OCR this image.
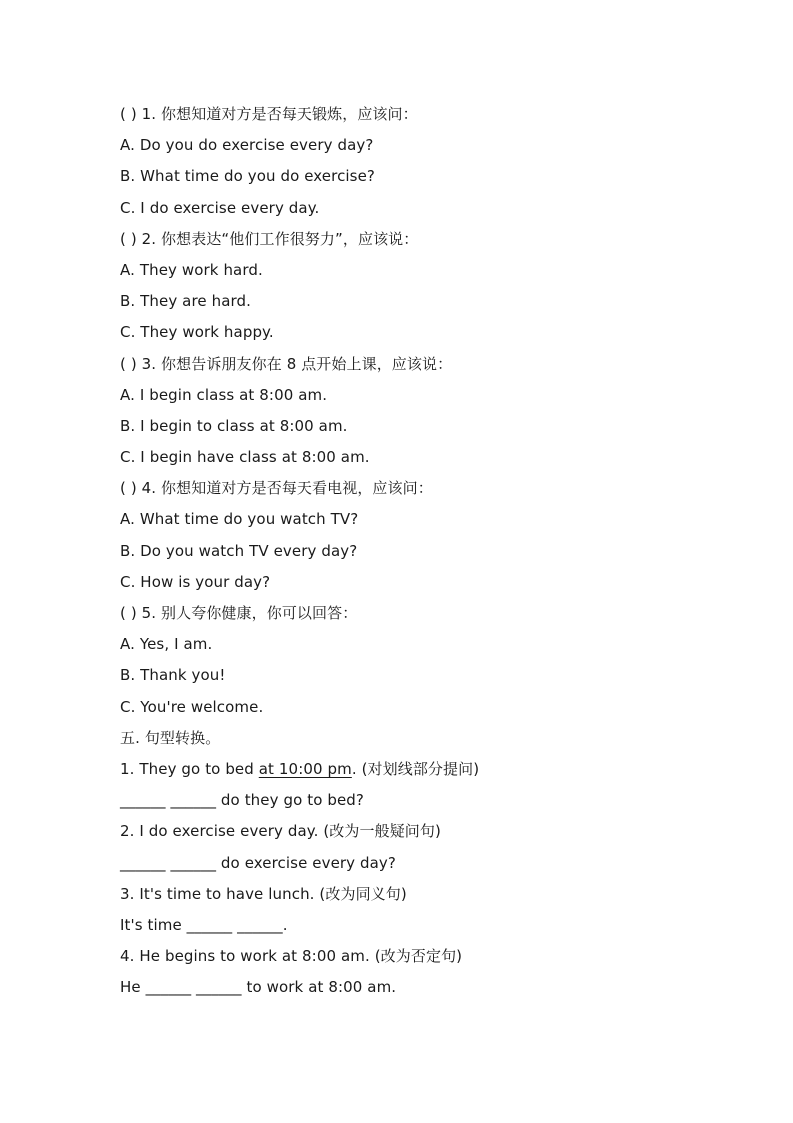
( ) 1. 你想知道对方是否每天锻炼，应该问：
A. Do you do exercise every day?
B. What time do you do exercise?
C. I do exercise every day.
( ) 2. 你想表达“他们工作很努力”，应该说：
A. They work hard.
B. They are hard.
C. They work happy.
( ) 3. 你想告诉朋友你在 8 点开始上课，应该说：
A. I begin class at 8:00 am.
B. I begin to class at 8:00 am.
C. I begin have class at 8:00 am.
( ) 4. 你想知道对方是否每天看电视，应该问：
A. What time do you watch TV?
B. Do you watch TV every day?
C. How is your day?
( ) 5. 别人夸你健康，你可以回答：
A. Yes, I am.
B. Thank you!
C. You're welcome.
五. 句型转换。
1. They go to bed at 10:00 pm. (对划线部分提问)
______ ______ do they go to bed?
2. I do exercise every day. (改为一般疑问句)
______ ______ do exercise every day?
3. It's time to have lunch. (改为同义句)
It's time ______ ______.
4. He begins to work at 8:00 am. (改为否定句)
He ______ ______ to work at 8:00 am.
